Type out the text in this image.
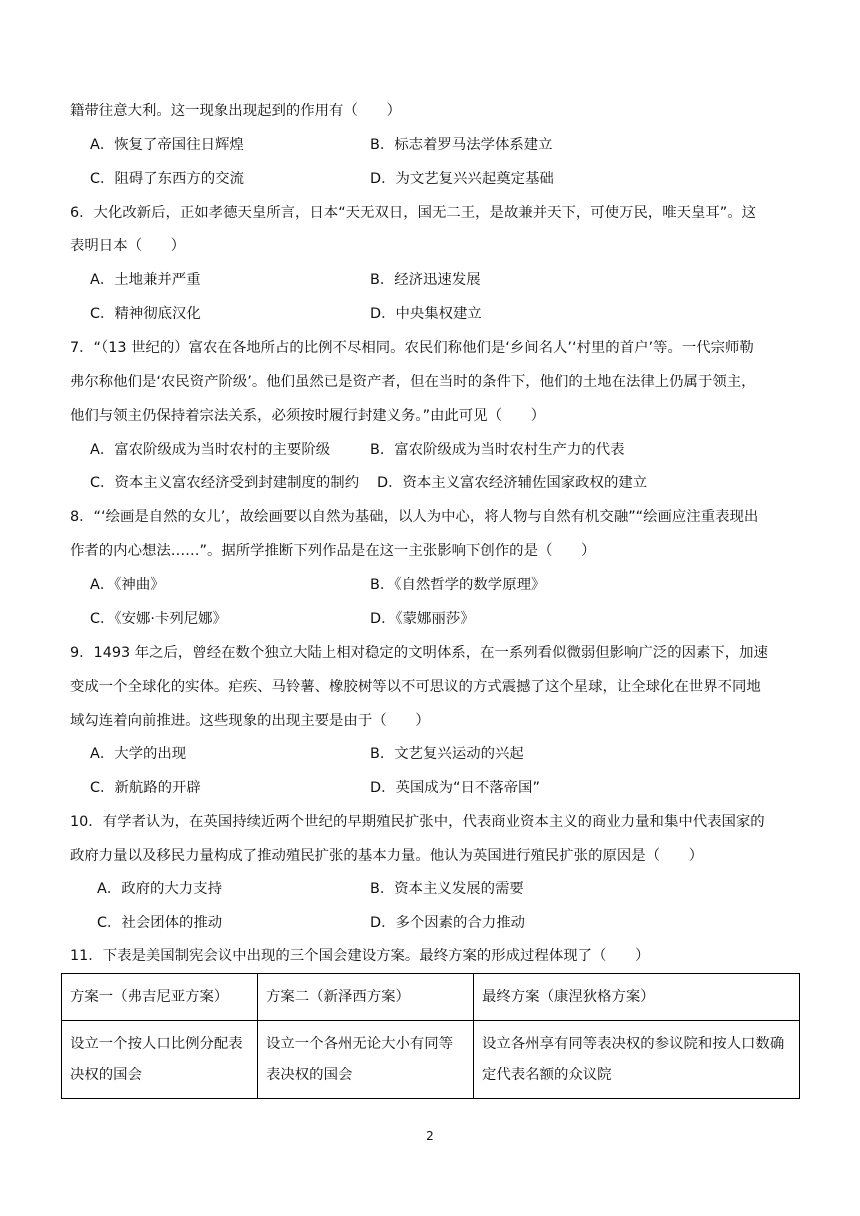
籍带往意大利。这一现象出现起到的作用有（　　）
A．恢复了帝国往日辉煌	B．标志着罗马法学体系建立
C．阻碍了东西方的交流	D．为文艺复兴兴起奠定基础
6．大化改新后，正如孝德天皇所言，日本“天无双日，国无二王，是故兼并天下，可使万民，唯天皇耳”。这
表明日本（　　）
A．土地兼并严重	B．经济迅速发展
C．精神彻底汉化	D．中央集权建立
7．“（13 世纪的）富农在各地所占的比例不尽相同。农民们称他们是‘乡间名人’‘村里的首户’等。一代宗师勒
弗尔称他们是‘农民资产阶级’。他们虽然已是资产者，但在当时的条件下，他们的土地在法律上仍属于领主，
他们与领主仍保持着宗法关系，必须按时履行封建义务。”由此可见（　　）
A．富农阶级成为当时农村的主要阶级	B．富农阶级成为当时农村生产力的代表
C．资本主义富农经济受到封建制度的制约 D．资本主义富农经济辅佐国家政权的建立
8．“‘绘画是自然的女儿’，故绘画要以自然为基础，以人为中心，将人物与自然有机交融”“绘画应注重表现出
作者的内心想法……”。据所学推断下列作品是在这一主张影响下创作的是（　　）
A．《神曲》	B．《自然哲学的数学原理》
C．《安娜·卡列尼娜》	D．《蒙娜丽莎》
9．1493 年之后，曾经在数个独立大陆上相对稳定的文明体系，在一系列看似微弱但影响广泛的因素下，加速
变成一个全球化的实体。疟疾、马铃薯、橡胶树等以不可思议的方式震撼了这个星球，让全球化在世界不同地
域勾连着向前推进。这些现象的出现主要是由于（　　）
A．大学的出现	B．文艺复兴运动的兴起
C．新航路的开辟	D．英国成为“日不落帝国”
10．有学者认为，在英国持续近两个世纪的早期殖民扩张中，代表商业资本主义的商业力量和集中代表国家的
政府力量以及移民力量构成了推动殖民扩张的基本力量。他认为英国进行殖民扩张的原因是（　　）
A．政府的大力支持	B．资本主义发展的需要
C．社会团体的推动	D．多个因素的合力推动
11．下表是美国制宪会议中出现的三个国会建设方案。最终方案的形成过程体现了（　　）
方案一（弗吉尼亚方案）	方案二（新泽西方案）	最终方案（康涅狄格方案）
设立一个按人口比例分配表决权的国会	设立一个各州无论大小有同等表决权的国会	设立各州享有同等表决权的参议院和按人口数确定代表名额的众议院
2
